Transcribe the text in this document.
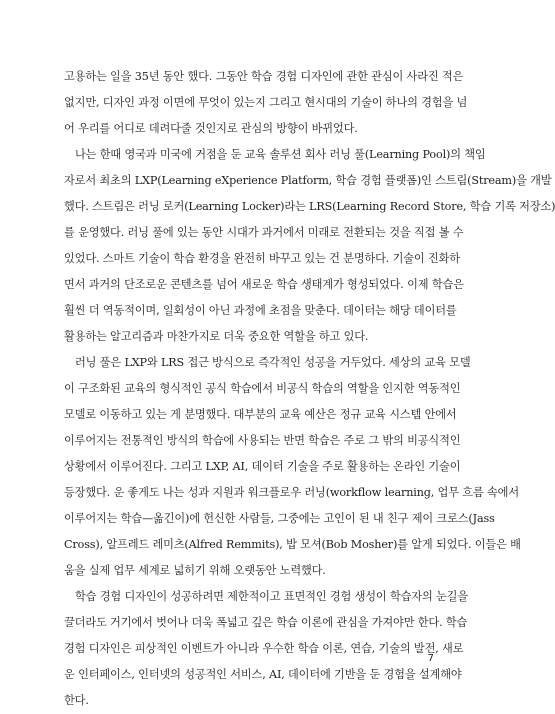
고용하는 일을 35년 동안 했다. 그동안 학습 경험 디자인에 관한 관심이 사라진 적은
없지만, 디자인 과정 이면에 무엇이 있는지 그리고 현시대의 기술이 하나의 경험을 넘
어 우리를 어디로 데려다줄 것인지로 관심의 방향이 바뀌었다.
나는 한때 영국과 미국에 거점을 둔 교육 솔루션 회사 러닝 풀(Learning Pool)의 책임
자로서 최초의 LXP(Learning eXperience Platform, 학습 경험 플랫폼)인 스트림(Stream)을 개발
했다. 스트림은 러닝 로커(Learning Locker)라는 LRS(Learning Record Store, 학습 기록 저장소)
를 운영했다. 러닝 풀에 있는 동안 시대가 과거에서 미래로 전환되는 것을 직접 볼 수
있었다. 스마트 기술이 학습 환경을 완전히 바꾸고 있는 건 분명하다. 기술이 진화하
면서 과거의 단조로운 콘텐츠를 넘어 새로운 학습 생태계가 형성되었다. 이제 학습은
훨씬 더 역동적이며, 일회성이 아닌 과정에 초점을 맞춘다. 데이터는 해당 데이터를
활용하는 알고리즘과 마찬가지로 더욱 중요한 역할을 하고 있다.
러닝 풀은 LXP와 LRS 접근 방식으로 즉각적인 성공을 거두었다. 세상의 교육 모델
이 구조화된 교육의 형식적인 공식 학습에서 비공식 학습의 역할을 인지한 역동적인
모델로 이동하고 있는 게 분명했다. 대부분의 교육 예산은 정규 교육 시스템 안에서
이루어지는 전통적인 방식의 학습에 사용되는 반면 학습은 주로 그 밖의 비공식적인
상황에서 이루어진다. 그리고 LXP, AI, 데이터 기술을 주로 활용하는 온라인 기술이
등장했다. 운 좋게도 나는 성과 지원과 워크플로우 러닝(workflow learning, 업무 흐름 속에서
이루어지는 학습—옮긴이)에 헌신한 사람들, 그중에는 고인이 된 내 친구 제이 크로스(Jass
Cross), 알프레드 레미츠(Alfred Remmits), 밥 모셔(Bob Mosher)를 알게 되었다. 이들은 배
움을 실제 업무 세계로 넓히기 위해 오랫동안 노력했다.
학습 경험 디자인이 성공하려면 제한적이고 표면적인 경험 생성이 학습자의 눈길을
끌더라도 거기에서 벗어나 더욱 폭넓고 깊은 학습 이론에 관심을 가져야만 한다. 학습
경험 디자인은 피상적인 이벤트가 아니라 우수한 학습 이론, 연습, 기술의 발전, 새로
운 인터페이스, 인터넷의 성공적인 서비스, AI, 데이터에 기반을 둔 경험을 설계해야
한다.
7
